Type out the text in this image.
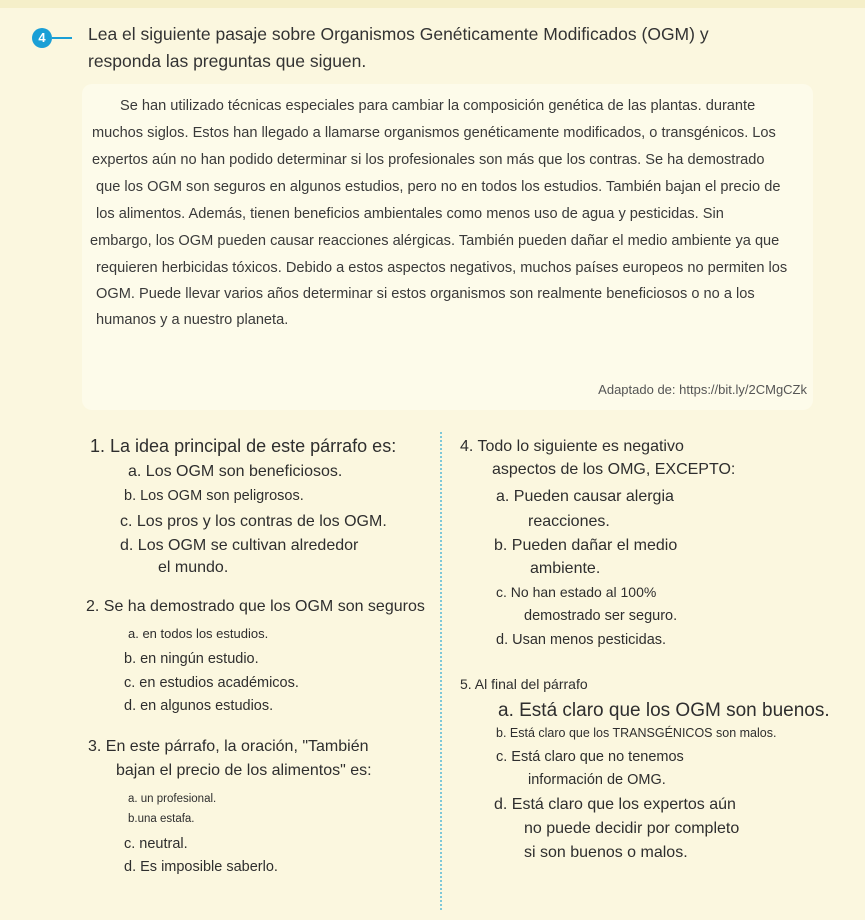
4	Lea el siguiente pasaje sobre Organismos Genéticamente Modificados (OGM) y
responda las preguntas que siguen.
Se han utilizado técnicas especiales para cambiar la composición genética de las plantas. durante
muchos siglos. Estos han llegado a llamarse organismos genéticamente modificados, o transgénicos. Los
expertos aún no han podido determinar si los profesionales son más que los contras. Se ha demostrado
que los OGM son seguros en algunos estudios, pero no en todos los estudios. También bajan el precio de
los alimentos. Además, tienen beneficios ambientales como menos uso de agua y pesticidas. Sin
embargo, los OGM pueden causar reacciones alérgicas. También pueden dañar el medio ambiente ya que
requieren herbicidas tóxicos. Debido a estos aspectos negativos, muchos países europeos no permiten los
OGM. Puede llevar varios años determinar si estos organismos son realmente beneficiosos o no a los
humanos y a nuestro planeta.
Adaptado de: https://bit.ly/2CMgCZk
1. La idea principal de este párrafo es:
a. Los OGM son beneficiosos.
b. Los OGM son peligrosos.
c. Los pros y los contras de los OGM.
d. Los OGM se cultivan alrededor
el mundo.
2. Se ha demostrado que los OGM son seguros
a. en todos los estudios.
b. en ningún estudio.
c. en estudios académicos.
d. en algunos estudios.
3. En este párrafo, la oración, "También
bajan el precio de los alimentos" es:
a. un profesional.
b.una estafa.
c. neutral.
d. Es imposible saberlo.
4. Todo lo siguiente es negativo
aspectos de los OMG, EXCEPTO:
a. Pueden causar alergia
reacciones.
b. Pueden dañar el medio
ambiente.
c. No han estado al 100%
demostrado ser seguro.
d. Usan menos pesticidas.
5. Al final del párrafo
a. Está claro que los OGM son buenos.
b. Está claro que los TRANSGÉNICOS son malos.
c. Está claro que no tenemos
información de OMG.
d. Está claro que los expertos aún
no puede decidir por completo
si son buenos o malos.
